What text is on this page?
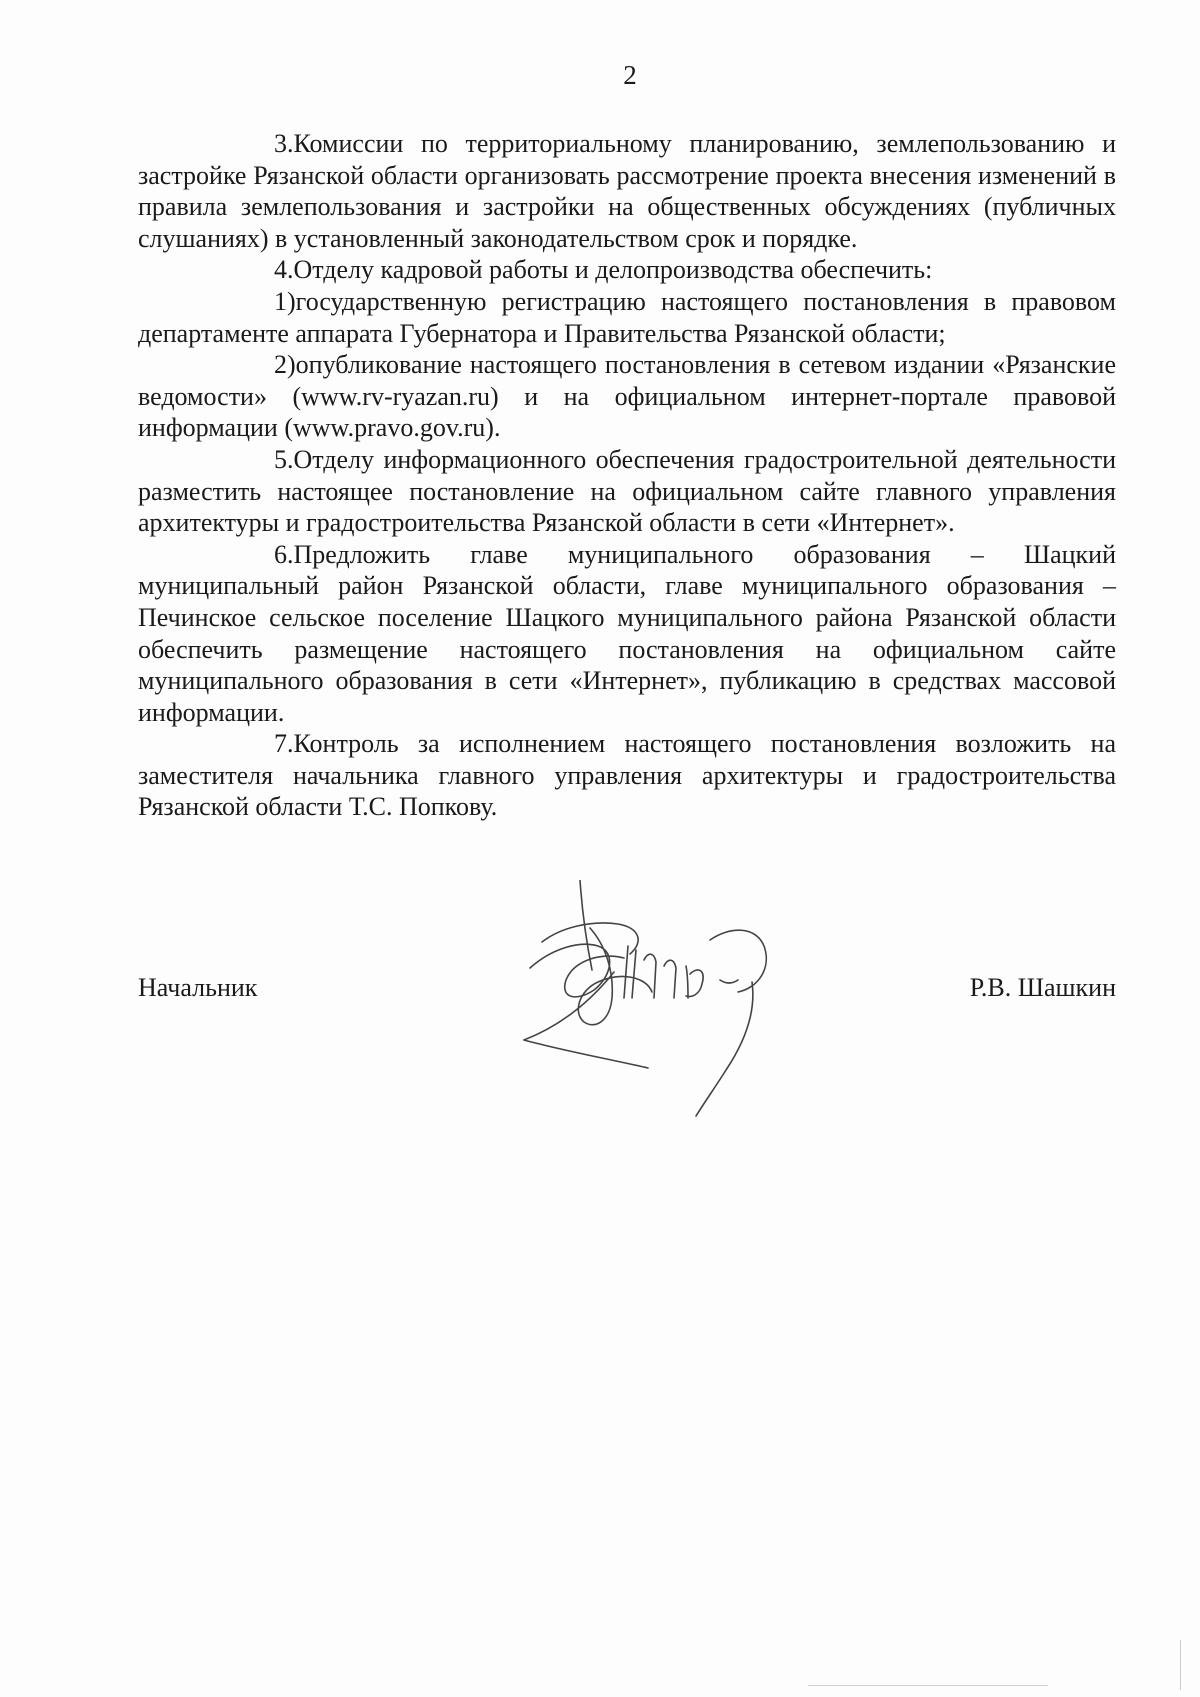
2

3.Комиссии по территориальному планированию, землепользованию и застройке Рязанской области организовать рассмотрение проекта внесения изменений в правила землепользования и застройки на общественных обсуждениях (публичных слушаниях) в установленный законодательством срок и порядке.

4.Отделу кадровой работы и делопроизводства обеспечить:

1)государственную регистрацию настоящего постановления в правовом департаменте аппарата Губернатора и Правительства Рязанской области;

2)опубликование настоящего постановления в сетевом издании «Рязанские ведомости» (www.rv-ryazan.ru) и на официальном интернет-портале правовой информации (www.pravo.gov.ru).

5.Отделу информационного обеспечения градостроительной деятельности разместить настоящее постановление на официальном сайте главного управления архитектуры и градостроительства Рязанской области в сети «Интернет».

6.Предложить главе муниципального образования – Шацкий муниципальный район Рязанской области, главе муниципального образования – Печинское сельское поселение Шацкого муниципального района Рязанской области обеспечить размещение настоящего постановления на официальном сайте муниципального образования в сети «Интернет», публикацию в средствах массовой информации.

7.Контроль за исполнением настоящего постановления возложить на заместителя начальника главного управления архитектуры и градостроительства Рязанской области Т.С. Попкову.

Начальник	Р.В. Шашкин
